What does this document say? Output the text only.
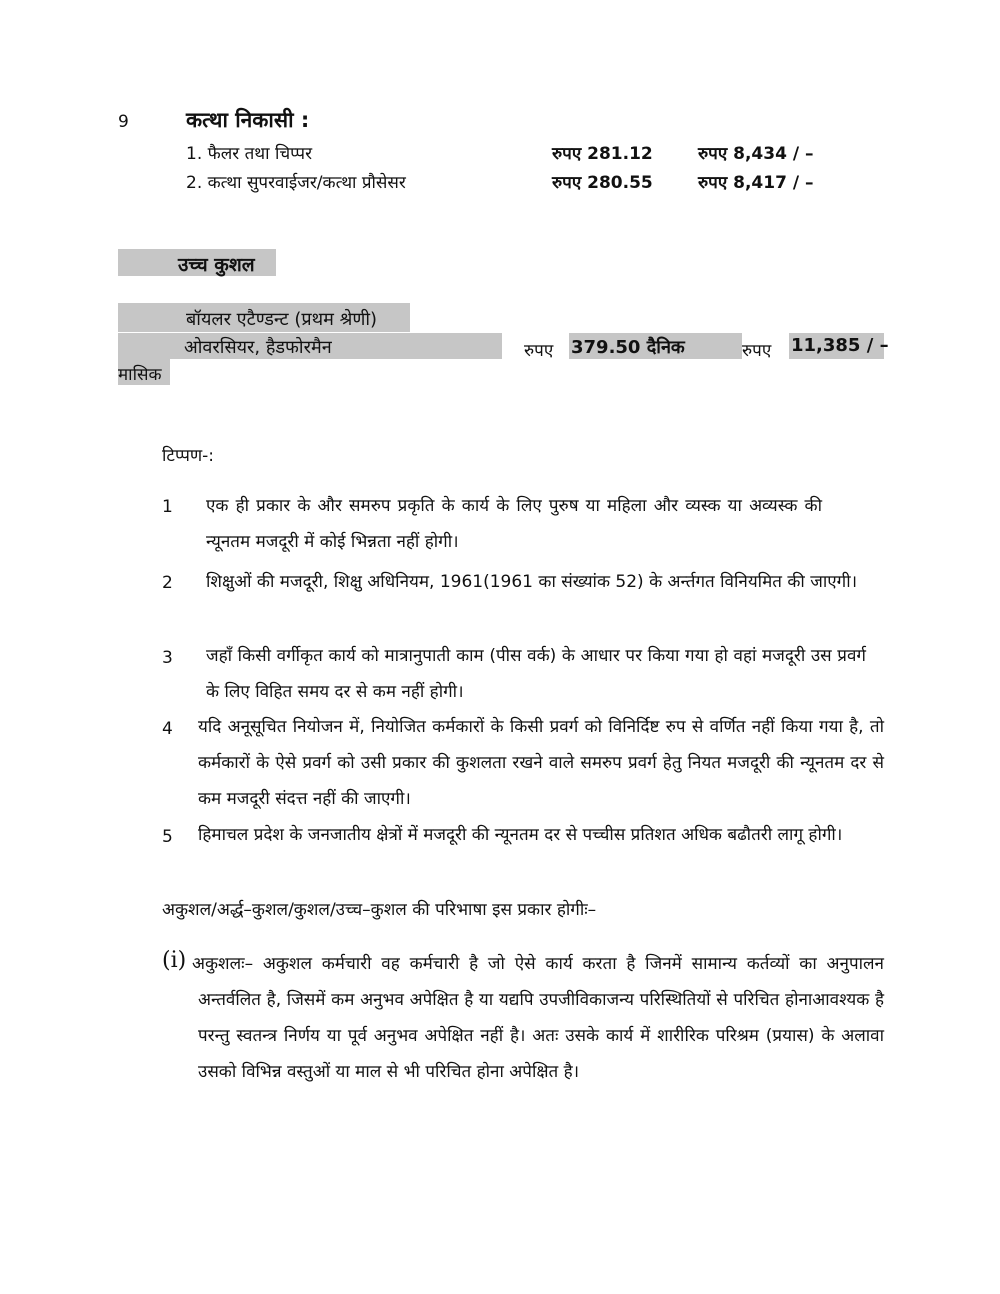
9	कत्था निकासी :
1. फैलर तथा चिप्पर	रुपए 281.12	रुपए 8,434 / –
2. कत्था सुपरवाईजर/कत्था प्रौसेसर	रुपए 280.55	रुपए 8,417 / –
उच्च कुशल
बॉयलर एटैण्डन्ट (प्रथम श्रेणी)
ओवरसियर, हैडफोरमैन	रुपए 379.50 दैनिक	रुपए 11,385 / –
मासिक
टिप्पण-:
1 एक ही प्रकार के और समरुप प्रकृति के कार्य के लिए पुरुष या महिला और व्यस्क या अव्यस्क की न्यूनतम मजदूरी में कोई भिन्नता नहीं होगी।
2 शिक्षुओं की मजदूरी, शिक्षु अधिनियम, 1961(1961 का संख्यांक 52) के अर्न्तगत विनियमित की जाएगी।
3 जहाँ किसी वर्गीकृत कार्य को मात्रानुपाती काम (पीस वर्क) के आधार पर किया गया हो वहां मजदूरी उस प्रवर्ग के लिए विहित समय दर से कम नहीं होगी।
4 यदि अनूसूचित नियोजन में, नियोजित कर्मकारों के किसी प्रवर्ग को विनिर्दिष्ट रुप से वर्णित नहीं किया गया है, तो कर्मकारों के ऐसे प्रवर्ग को उसी प्रकार की कुशलता रखने वाले समरुप प्रवर्ग हेतु नियत मजदूरी की न्यूनतम दर से कम मजदूरी संदत्त नहीं की जाएगी।
5 हिमाचल प्रदेश के जनजातीय क्षेत्रों में मजदूरी की न्यूनतम दर से पच्चीस प्रतिशत अधिक बढौतरी लागू होगी।
अकुशल/अर्द्ध–कुशल/कुशल/उच्च–कुशल की परिभाषा इस प्रकार होगीः–
(i) अकुशलः– अकुशल कर्मचारी वह कर्मचारी है जो ऐसे कार्य करता है जिनमें सामान्य कर्तव्यों का अनुपालन अन्तर्वलित है, जिसमें कम अनुभव अपेक्षित है या यद्यपि उपजीविकाजन्य परिस्थितियों से परिचित होनाआवश्यक है परन्तु स्वतन्त्र निर्णय या पूर्व अनुभव अपेक्षित नहीं है। अतः उसके कार्य में शारीरिक परिश्रम (प्रयास) के अलावा उसको विभिन्न वस्तुओं या माल से भी परिचित होना अपेक्षित है।
